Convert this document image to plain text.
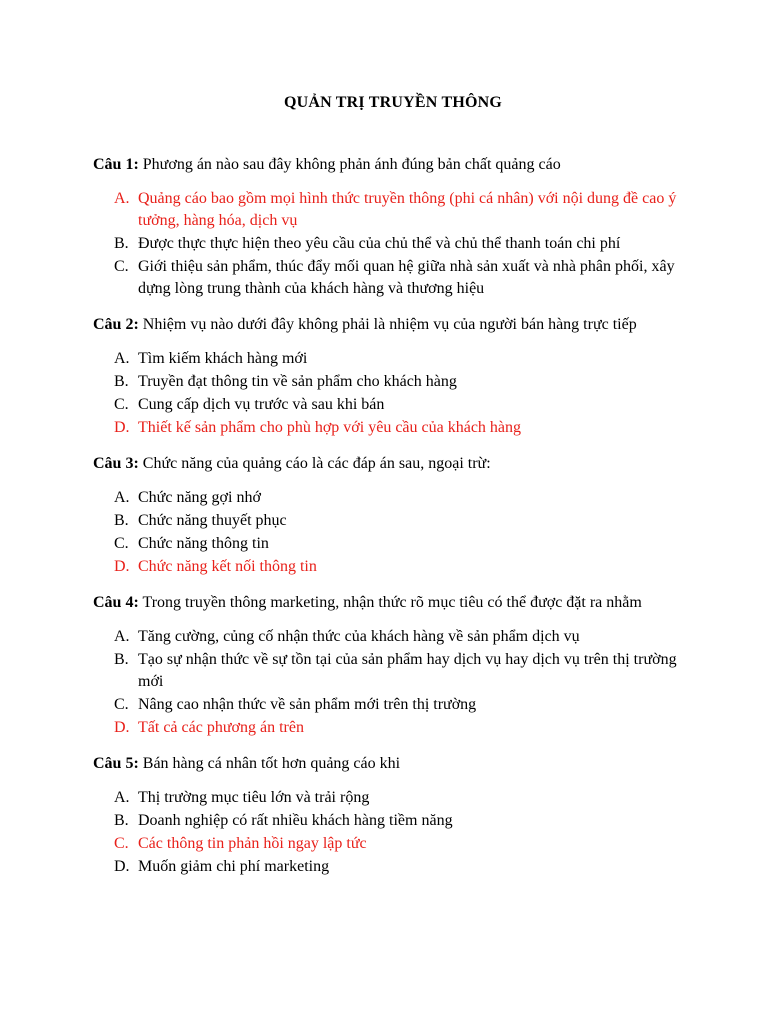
QUẢN TRỊ TRUYỀN THÔNG
Câu 1: Phương án nào sau đây không phản ánh đúng bản chất quảng cáo
A. Quảng cáo bao gồm mọi hình thức truyền thông (phi cá nhân) với nội dung đề cao ý tưởng, hàng hóa, dịch vụ
B. Được thực thực hiện theo yêu cầu của chủ thể và chủ thể thanh toán chi phí
C. Giới thiệu sản phẩm, thúc đẩy mối quan hệ giữa nhà sản xuất và nhà phân phối, xây dựng lòng trung thành của khách hàng và thương hiệu
Câu 2: Nhiệm vụ nào dưới đây không phải là nhiệm vụ của người bán hàng trực tiếp
A. Tìm kiếm khách hàng mới
B. Truyền đạt thông tin về sản phẩm cho khách hàng
C. Cung cấp dịch vụ trước và sau khi bán
D. Thiết kế sản phẩm cho phù hợp với yêu cầu của khách hàng
Câu 3: Chức năng của quảng cáo là các đáp án sau, ngoại trừ:
A. Chức năng gợi nhớ
B. Chức năng thuyết phục
C. Chức năng thông tin
D. Chức năng kết nối thông tin
Câu 4: Trong truyền thông marketing, nhận thức rõ mục tiêu có thể được đặt ra nhằm
A. Tăng cường, củng cố nhận thức của khách hàng về sản phẩm dịch vụ
B. Tạo sự nhận thức về sự tồn tại của sản phẩm hay dịch vụ hay dịch vụ trên thị trường mới
C. Nâng cao nhận thức về sản phẩm mới trên thị trường
D. Tất cả các phương án trên
Câu 5: Bán hàng cá nhân tốt hơn quảng cáo khi
A. Thị trường mục tiêu lớn và trải rộng
B. Doanh nghiệp có rất nhiều khách hàng tiềm năng
C. Các thông tin phản hồi ngay lập tức
D. Muốn giảm chi phí marketing
